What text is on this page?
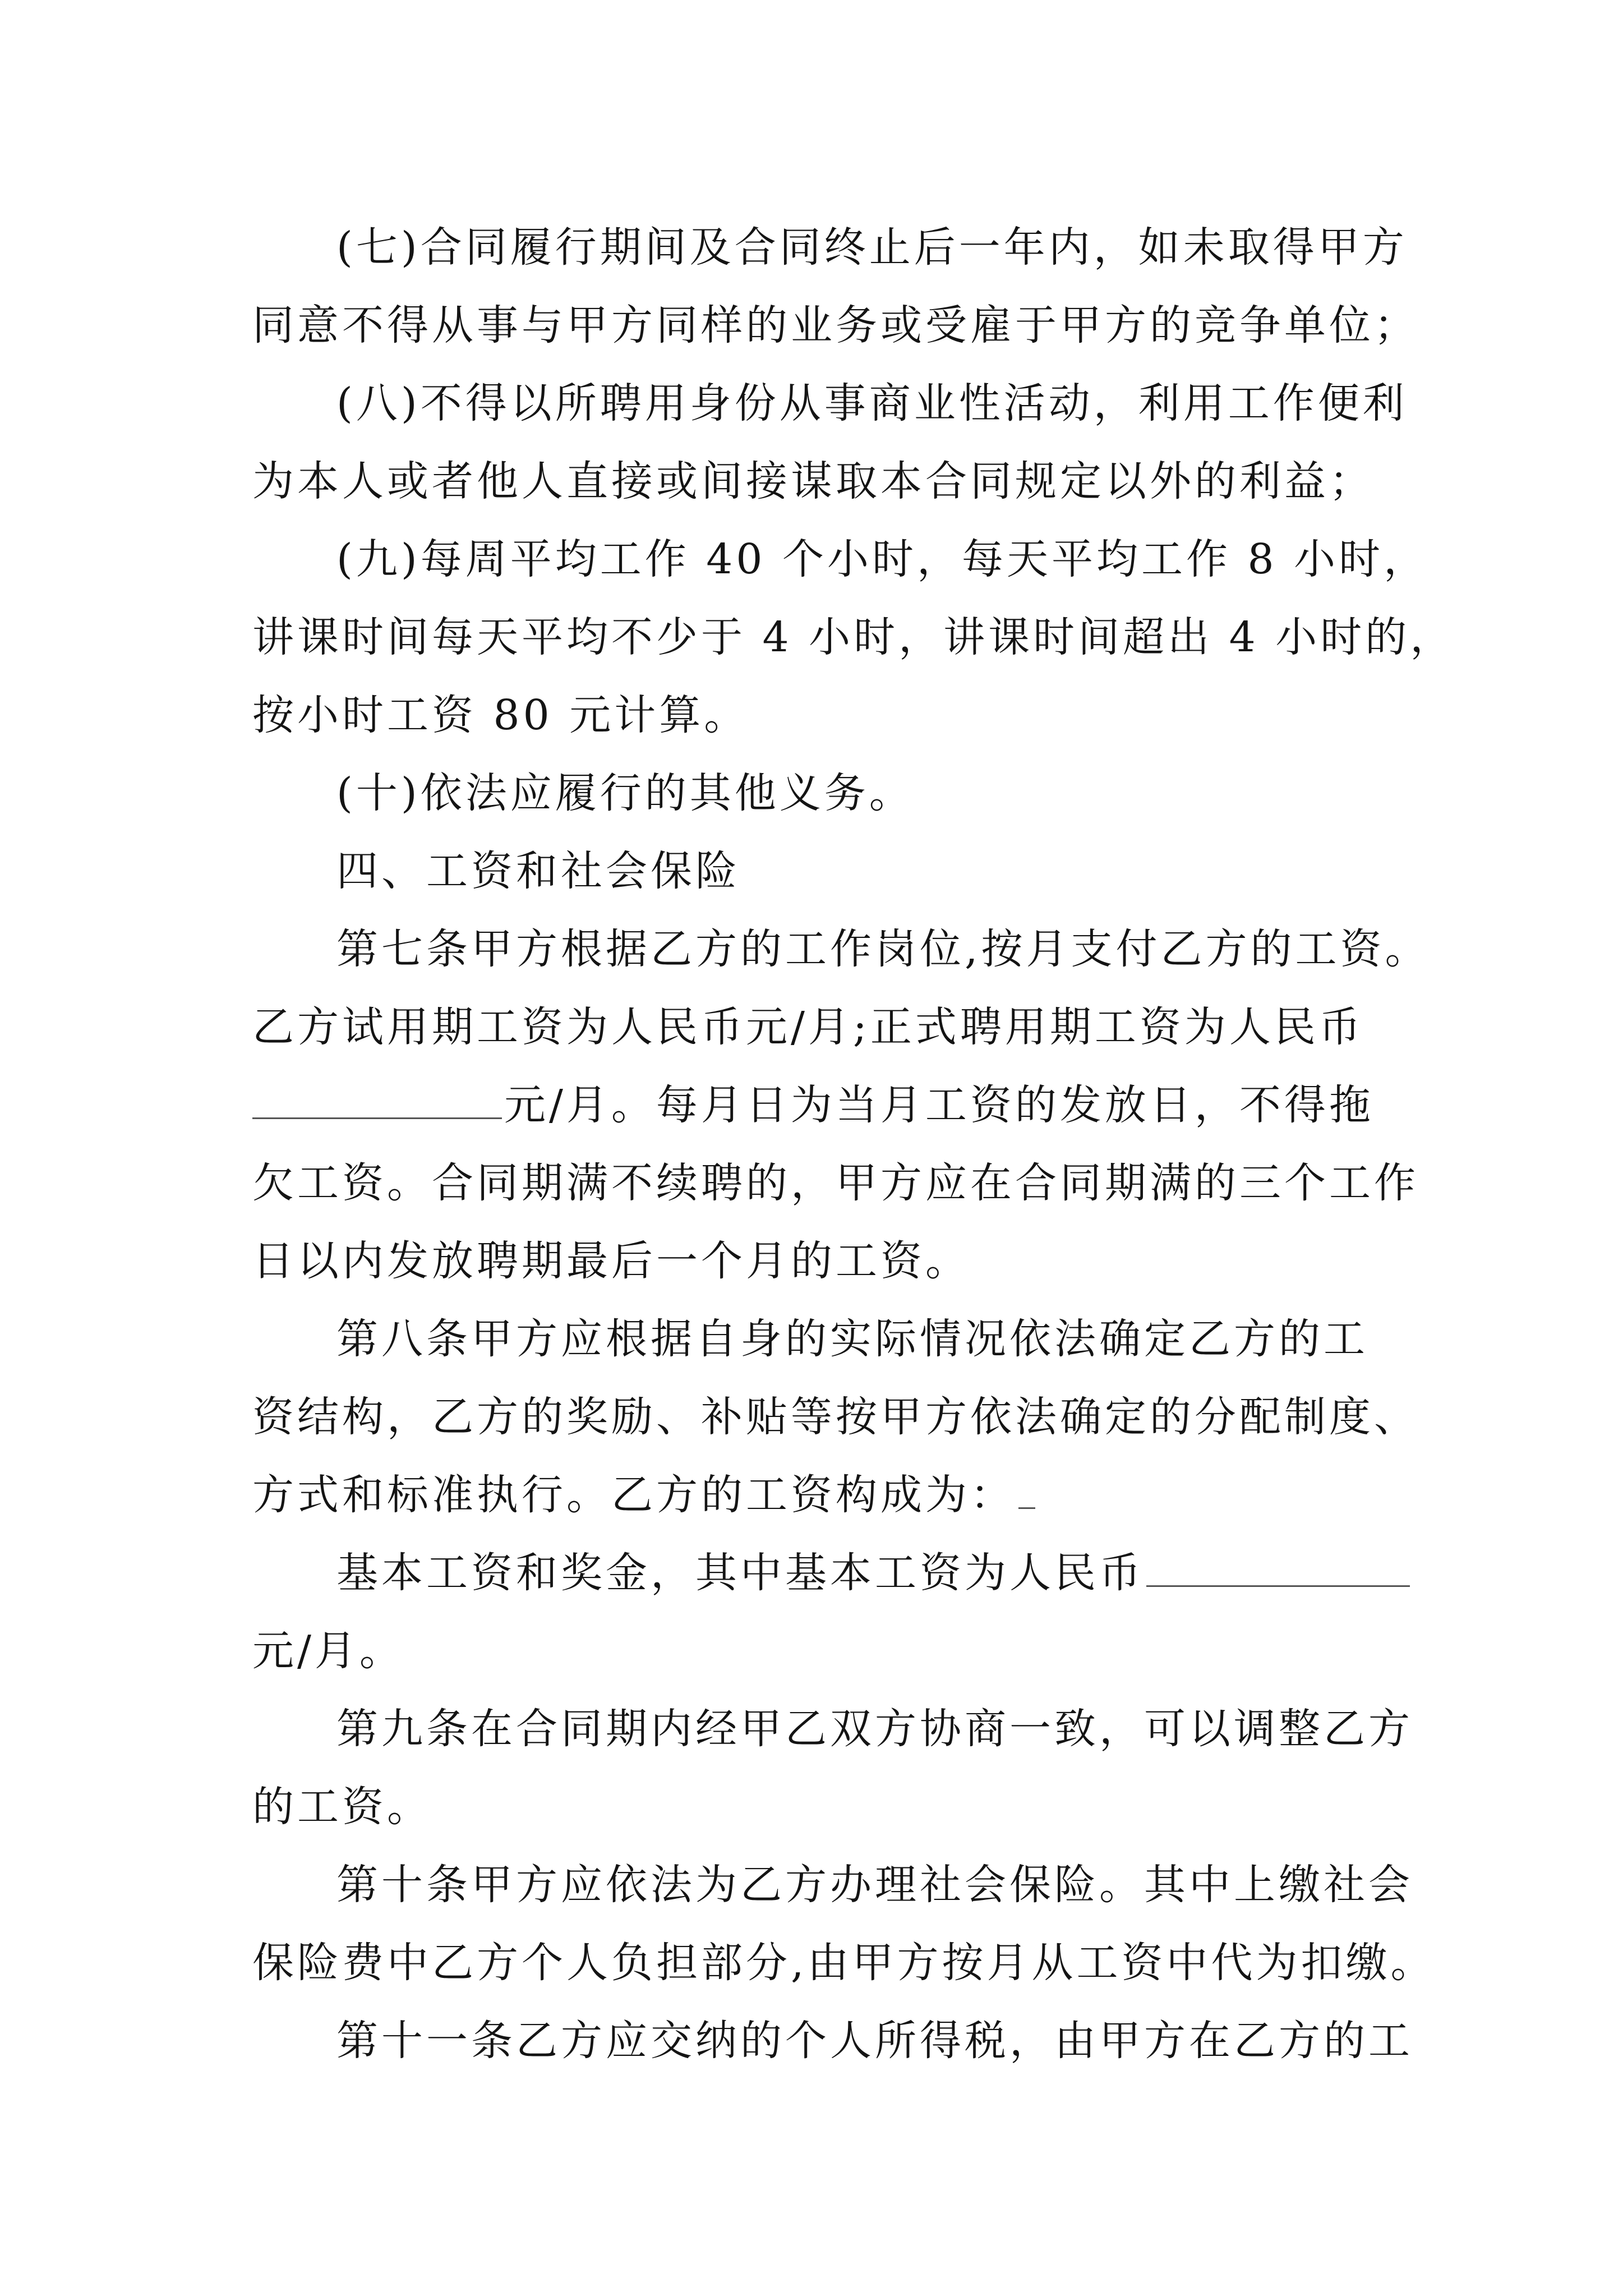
(七)合同履行期间及合同终止后一年内，如未取得甲方
同意不得从事与甲方同样的业务或受雇于甲方的竞争单位；
(八)不得以所聘用身份从事商业性活动，利用工作便利
为本人或者他人直接或间接谋取本合同规定以外的利益；
(九)每周平均工作 40 个小时，每天平均工作 8 小时，
讲课时间每天平均不少于 4 小时，讲课时间超出 4 小时的，
按小时工资 80 元计算。
(十)依法应履行的其他义务。
四、工资和社会保险
第七条甲方根据乙方的工作岗位,按月支付乙方的工资。
乙方试用期工资为人民币元/月;正式聘用期工资为人民币
元/月。每月日为当月工资的发放日，不得拖
欠工资。合同期满不续聘的，甲方应在合同期满的三个工作
日以内发放聘期最后一个月的工资。
第八条甲方应根据自身的实际情况依法确定乙方的工
资结构，乙方的奖励、补贴等按甲方依法确定的分配制度、
方式和标准执行。乙方的工资构成为：
基本工资和奖金，其中基本工资为人民币
元/月。
第九条在合同期内经甲乙双方协商一致，可以调整乙方
的工资。
第十条甲方应依法为乙方办理社会保险。其中上缴社会
保险费中乙方个人负担部分,由甲方按月从工资中代为扣缴。
第十一条乙方应交纳的个人所得税，由甲方在乙方的工
